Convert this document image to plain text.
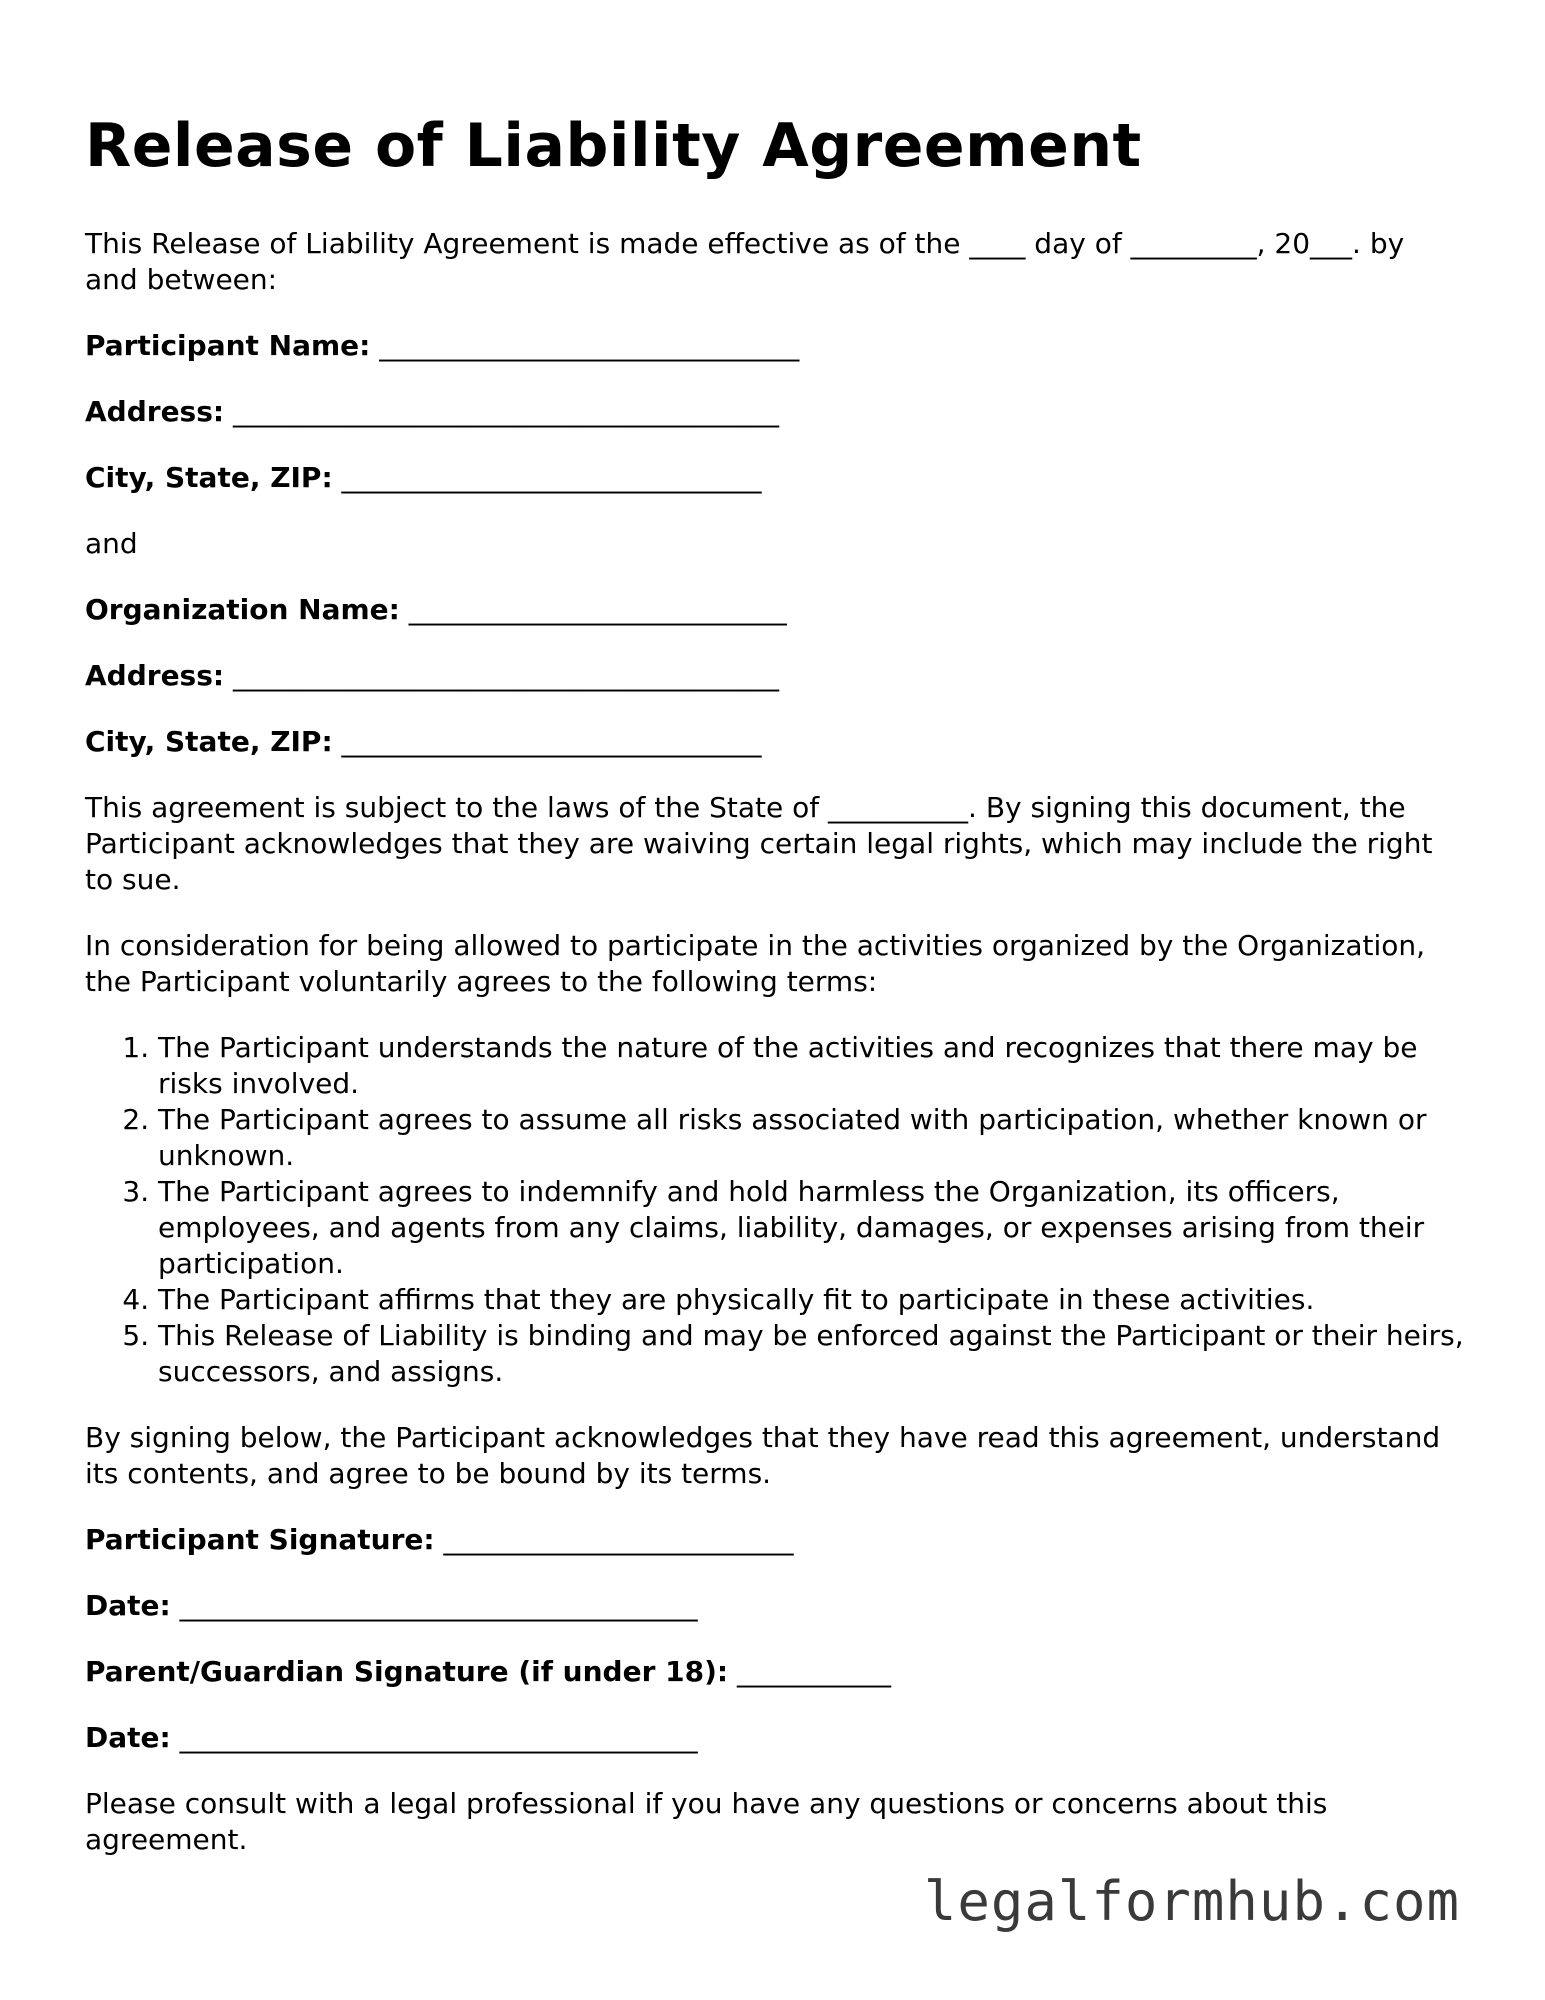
Release of Liability Agreement

This Release of Liability Agreement is made effective as of the ____ day of _________, 20___. by and between:

Participant Name: ______________________________
Address: _______________________________________
City, State, ZIP: ______________________________

and

Organization Name: ___________________________
Address: _______________________________________
City, State, ZIP: ______________________________

This agreement is subject to the laws of the State of __________. By signing this document, the Participant acknowledges that they are waiving certain legal rights, which may include the right to sue.

In consideration for being allowed to participate in the activities organized by the Organization, the Participant voluntarily agrees to the following terms:

1. The Participant understands the nature of the activities and recognizes that there may be risks involved.
2. The Participant agrees to assume all risks associated with participation, whether known or unknown.
3. The Participant agrees to indemnify and hold harmless the Organization, its officers, employees, and agents from any claims, liability, damages, or expenses arising from their participation.
4. The Participant affirms that they are physically fit to participate in these activities.
5. This Release of Liability is binding and may be enforced against the Participant or their heirs, successors, and assigns.

By signing below, the Participant acknowledges that they have read this agreement, understand its contents, and agree to be bound by its terms.

Participant Signature: _________________________
Date: _____________________________________
Parent/Guardian Signature (if under 18): ___________
Date: _____________________________________

Please consult with a legal professional if you have any questions or concerns about this agreement.

legalformhub.com
